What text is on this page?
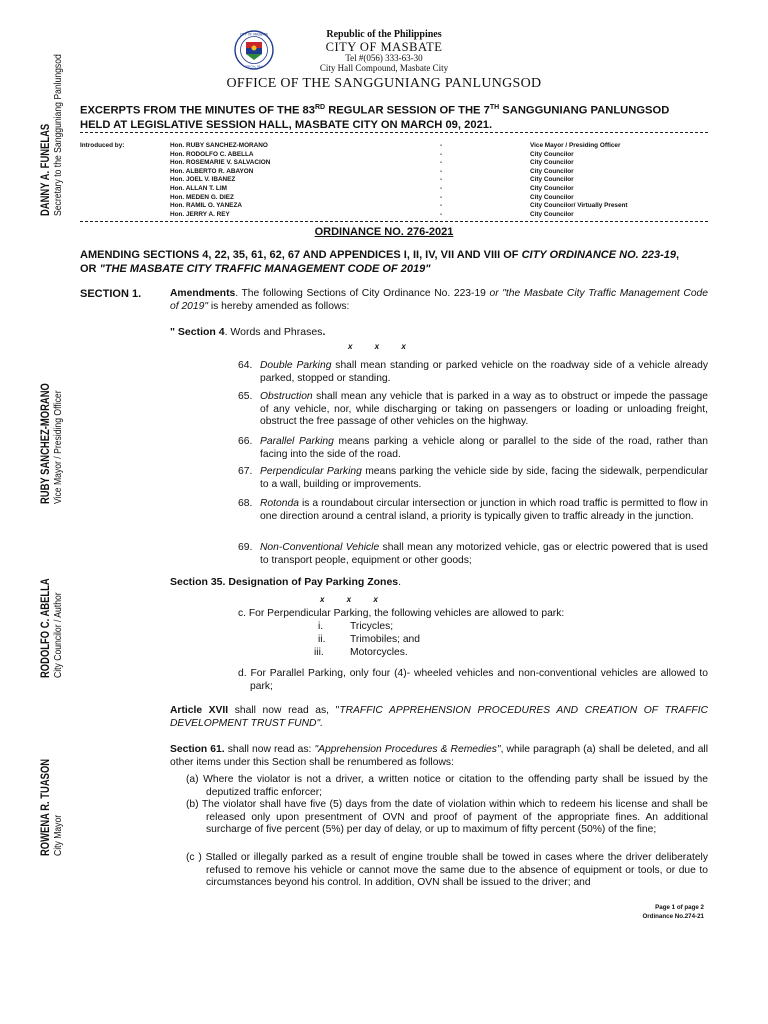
CITY OF MASBATE
OFFICIAL SEAL
Republic of the Philippines
CITY OF MASBATE
Tel #(056) 333-63-30
City Hall Compound, Masbate City
OFFICE OF THE SANGGUNIANG PANLUNGSOD
DANNY A. FUNELAS Secretary to the Sangguniang Panlungsod
RUBY SANCHEZ-MORANO Vice Mayor / Presiding Officer
RODOLFO C. ABELLA City Councilor / Author
ROWENA R. TUASON City Mayor
EXCERPTS FROM THE MINUTES OF THE 83RD REGULAR SESSION OF THE 7TH SANGGUNIANG PANLUNGSOD
HELD AT LEGISLATIVE SESSION HALL, MASBATE CITY ON MARCH 09, 2021.
Introduced by:	Hon. RUBY SANCHEZ-MORANO	-	Vice Mayor / Presiding Officer
Hon. RODOLFO C. ABELLA	-	City Councilor
Hon. ROSEMARIE V. SALVACION	-	City Councilor
Hon. ALBERTO R. ABAYON	-	City Councilor
Hon. JOEL V. IBANEZ	-	City Councilor
Hon. ALLAN T. LIM	-	City Councilor
Hon. MEDEN G. DIEZ	-	City Councilor
Hon. RAMIL O. YANEZA	-	City Councilor/ Virtually Present
Hon. JERRY A. REY	-	City Councilor
ORDINANCE NO. 276-2021
AMENDING SECTIONS 4, 22, 35, 61, 62, 67 AND APPENDICES I, II, IV, VII AND VIII OF CITY ORDINANCE NO. 223-19,
OR "THE MASBATE CITY TRAFFIC MANAGEMENT CODE OF 2019"
SECTION 1.	Amendments. The following Sections of City Ordinance No. 223-19 or "the Masbate City Traffic Management Code of 2019" is hereby amended as follows:
" Section 4. Words and Phrases.
x          x          x
64. Double Parking shall mean standing or parked vehicle on the roadway side of a vehicle already parked, stopped or standing.
65. Obstruction shall mean any vehicle that is parked in a way as to obstruct or impede the passage of any vehicle, nor, while discharging or taking on passengers or loading or unloading freight, obstruct the free passage of other vehicles on the highway.
66. Parallel Parking means parking a vehicle along or parallel to the side of the road, rather than facing into the side of the road.
67. Perpendicular Parking means parking the vehicle side by side, facing the sidewalk, perpendicular to a wall, building or improvements.
68. Rotonda is a roundabout circular intersection or junction in which road traffic is permitted to flow in one direction around a central island, a priority is typically given to traffic already in the junction.
69. Non-Conventional Vehicle shall mean any motorized vehicle, gas or electric powered that is used to transport people, equipment or other goods;
Section 35. Designation of Pay Parking Zones.
x          x          x
c. For Perpendicular Parking, the following vehicles are allowed to park:
i.	Tricycles;
ii. Trimobiles; and
iii.	Motorcycles.
d. For Parallel Parking, only four (4)- wheeled vehicles and non-conventional vehicles are allowed to park;
Article XVII shall now read as, "TRAFFIC APPREHENSION PROCEDURES AND CREATION OF TRAFFIC DEVELOPMENT TRUST FUND".
Section 61. shall now read as: "Apprehension Procedures & Remedies", while paragraph (a) shall be deleted, and all other items under this Section shall be renumbered as follows:
(a) Where the violator is not a driver, a written notice or citation to the offending party shall be issued by the deputized traffic enforcer;
(b) The violator shall have five (5) days from the date of violation within which to redeem his license and shall be released only upon presentment of OVN and proof of payment of the appropriate fines. An additional surcharge of five percent (5%) per day of delay, or up to maximum of fifty percent (50%) of the fine;
(c ) Stalled or illegally parked as a result of engine trouble shall be towed in cases where the driver deliberately refused to remove his vehicle or cannot move the same due to the absence of equipment or tools, or due to circumstances beyond his control. In addition, OVN shall be issued to the driver; and
Page 1 of page 2
Ordinance No.274-21
